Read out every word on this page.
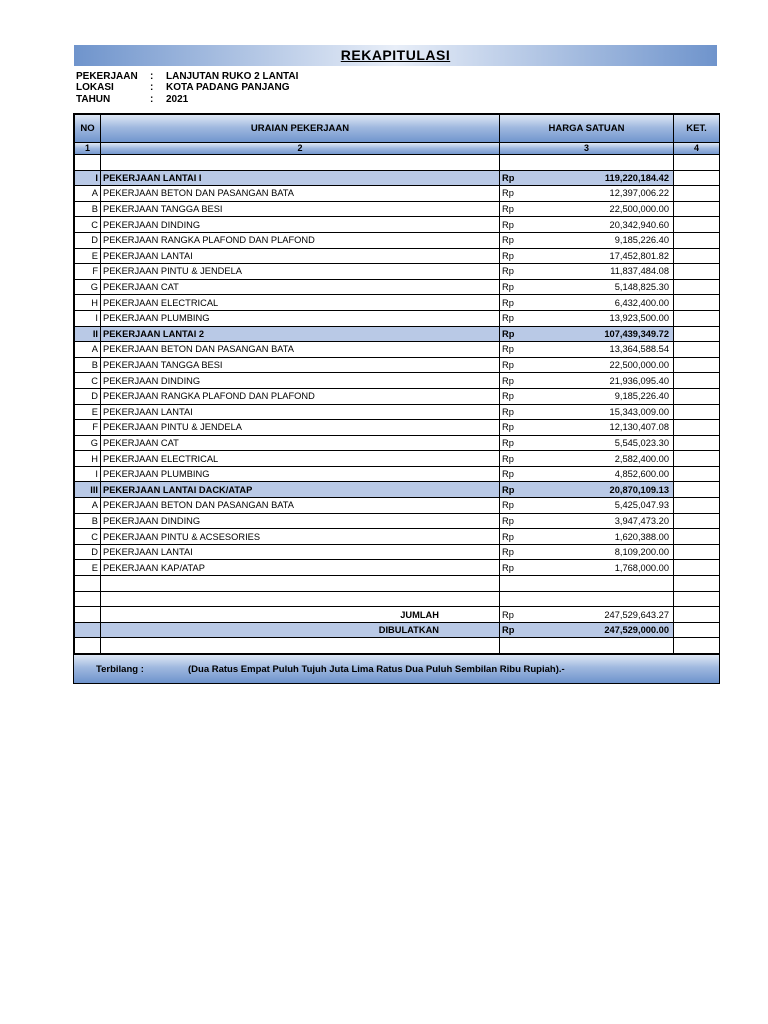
REKAPITULASI
PEKERJAAN : LANJUTAN RUKO 2 LANTAI
LOKASI	: KOTA PADANG PANJANG
TAHUN	: 2021
NO	URAIAN PEKERJAAN	HARGA SATUAN		KET.
1	2	3		4

I	PEKERJAAN LANTAI I	Rp	119,220,184.42	
A	PEKERJAAN BETON DAN PASANGAN BATA	Rp	12,397,006.22	
B	PEKERJAAN TANGGA BESI	Rp	22,500,000.00	
C	PEKERJAAN DINDING	Rp	20,342,940.60	
D	PEKERJAAN RANGKA PLAFOND DAN PLAFOND	Rp	9,185,226.40	
E	PEKERJAAN LANTAI	Rp	17,452,801.82	
F	PEKERJAAN PINTU & JENDELA	Rp	11,837,484.08	
G	PEKERJAAN CAT	Rp	5,148,825.30	
H	PEKERJAAN ELECTRICAL	Rp	6,432,400.00	
I	PEKERJAAN PLUMBING	Rp	13,923,500.00	
II	PEKERJAAN LANTAI 2	Rp	107,439,349.72	
A	PEKERJAAN BETON DAN PASANGAN BATA	Rp	13,364,588.54	
B	PEKERJAAN TANGGA BESI	Rp	22,500,000.00	
C	PEKERJAAN DINDING	Rp	21,936,095.40	
D	PEKERJAAN RANGKA PLAFOND DAN PLAFOND	Rp	9,185,226.40	
E	PEKERJAAN LANTAI	Rp	15,343,009.00	
F	PEKERJAAN PINTU & JENDELA	Rp	12,130,407.08	
G	PEKERJAAN CAT	Rp	5,545,023.30	
H	PEKERJAAN ELECTRICAL	Rp	2,582,400.00	
I	PEKERJAAN PLUMBING	Rp	4,852,600.00	
III	PEKERJAAN LANTAI DACK/ATAP	Rp	20,870,109.13	
A	PEKERJAAN BETON DAN PASANGAN BATA	Rp	5,425,047.93	
B	PEKERJAAN DINDING	Rp	3,947,473.20	
C	PEKERJAAN PINTU & ACSESORIES	Rp	1,620,388.00	
D	PEKERJAAN LANTAI	Rp	8,109,200.00	
E	PEKERJAAN KAP/ATAP	Rp	1,768,000.00	

	JUMLAH	Rp	247,529,643.27	
	DIBULATKAN	Rp	247,529,000.00	

Terbilang :	(Dua Ratus Empat Puluh Tujuh Juta Lima Ratus Dua Puluh Sembilan Ribu Rupiah).-
